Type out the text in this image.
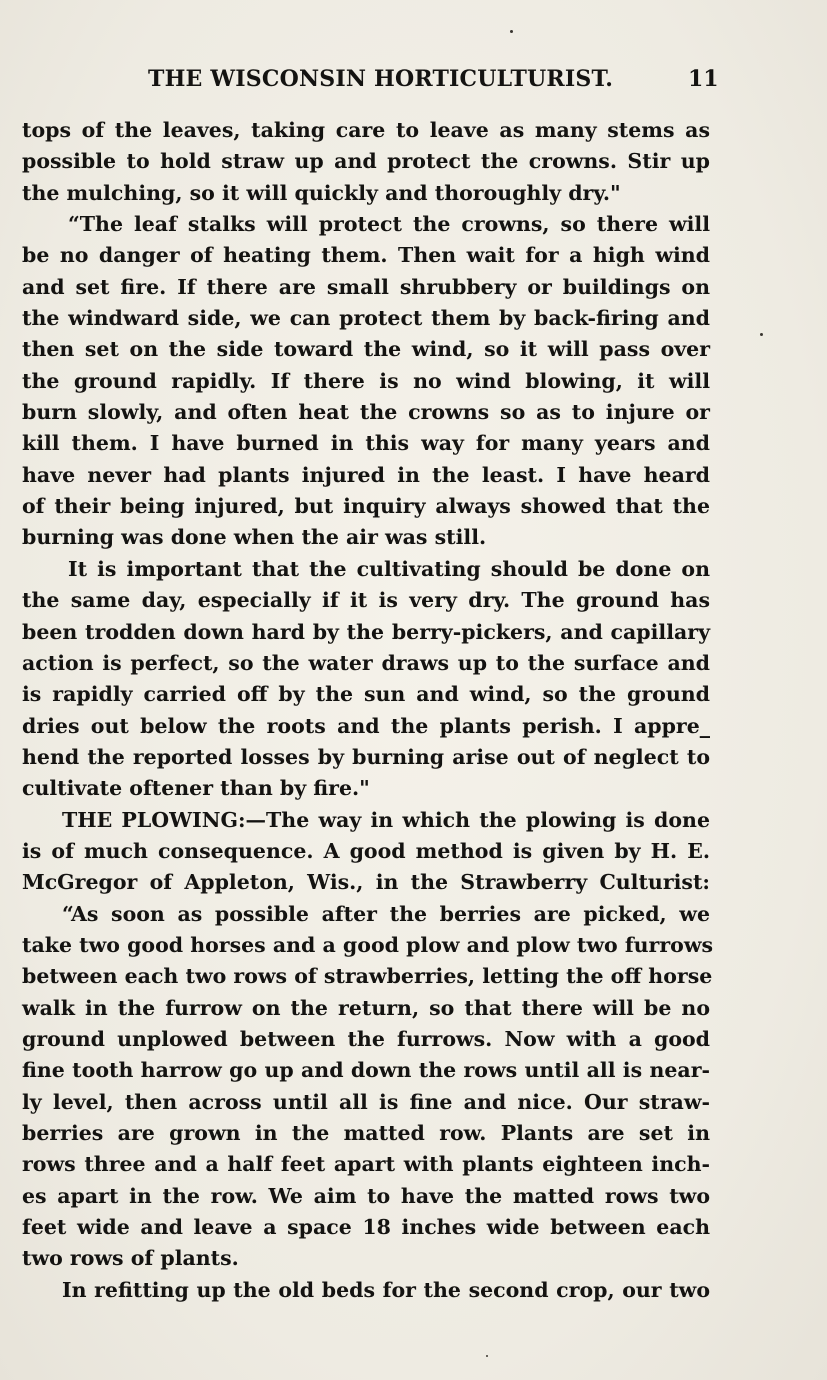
THE WISCONSIN HORTICULTURIST.	11
tops of the leaves, taking care to leave as many stems as
possible to hold straw up and protect the crowns. Stir up
the mulching, so it will quickly and thoroughly dry."
“The leaf stalks will protect the crowns, so there will
be no danger of heating them. Then wait for a high wind
and set fire. If there are small shrubbery or buildings on
the windward side, we can protect them by back-firing and
then set on the side toward the wind, so it will pass over
the ground rapidly. If there is no wind blowing, it will
burn slowly, and often heat the crowns so as to injure or
kill them. I have burned in this way for many years and
have never had plants injured in the least. I have heard
of their being injured, but inquiry always showed that the
burning was done when the air was still.
It is important that the cultivating should be done on
the same day, especially if it is very dry. The ground has
been trodden down hard by the berry-pickers, and capillary
action is perfect, so the water draws up to the surface and
is rapidly carried off by the sun and wind, so the ground
dries out below the roots and the plants perish. I appre_
hend the reported losses by burning arise out of neglect to
cultivate oftener than by fire."
THE PLOWING:—The way in which the plowing is done
is of much consequence. A good method is given by H. E.
McGregor of Appleton, Wis., in the Strawberry Culturist:
“As soon as possible after the berries are picked, we
take two good horses and a good plow and plow two furrows
between each two rows of strawberries, letting the off horse
walk in the furrow on the return, so that there will be no
ground unplowed between the furrows. Now with a good
fine tooth harrow go up and down the rows until all is near-
ly level, then across until all is fine and nice. Our straw-
berries are grown in the matted row. Plants are set in
rows three and a half feet apart with plants eighteen inch-
es apart in the row. We aim to have the matted rows two
feet wide and leave a space 18 inches wide between each
two rows of plants.
In refitting up the old beds for the second crop, our two
